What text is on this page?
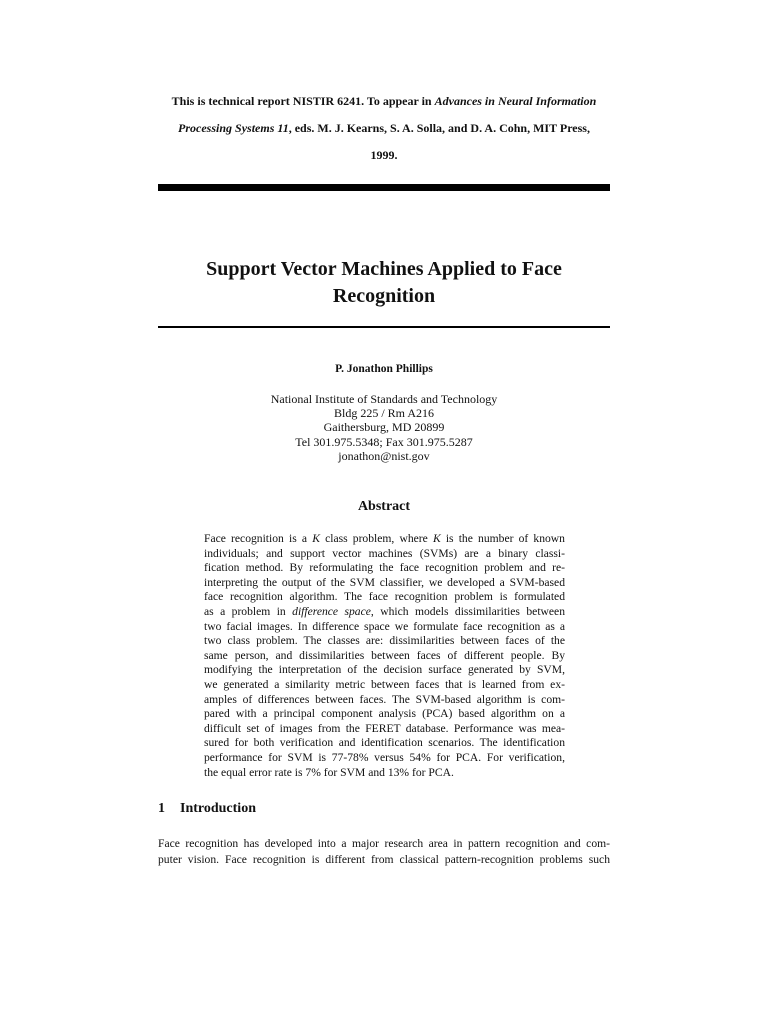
This is technical report NISTIR 6241. To appear in Advances in Neural Information
Processing Systems 11, eds. M. J. Kearns, S. A. Solla, and D. A. Cohn, MIT Press,
1999.
Support Vector Machines Applied to Face
Recognition
P. Jonathon Phillips
National Institute of Standards and Technology
Bldg 225 / Rm A216
Gaithersburg, MD 20899
Tel 301.975.5348; Fax 301.975.5287
jonathon@nist.gov
Abstract
Face recognition is a K class problem, where K is the number of known
individuals; and support vector machines (SVMs) are a binary classi-
fication method. By reformulating the face recognition problem and re-
interpreting the output of the SVM classifier, we developed a SVM-based
face recognition algorithm. The face recognition problem is formulated
as a problem in difference space, which models dissimilarities between
two facial images. In difference space we formulate face recognition as a
two class problem. The classes are: dissimilarities between faces of the
same person, and dissimilarities between faces of different people. By
modifying the interpretation of the decision surface generated by SVM,
we generated a similarity metric between faces that is learned from ex-
amples of differences between faces. The SVM-based algorithm is com-
pared with a principal component analysis (PCA) based algorithm on a
difficult set of images from the FERET database. Performance was mea-
sured for both verification and identification scenarios. The identification
performance for SVM is 77-78% versus 54% for PCA. For verification,
the equal error rate is 7% for SVM and 13% for PCA.
1 Introduction
Face recognition has developed into a major research area in pattern recognition and com-
puter vision. Face recognition is different from classical pattern-recognition problems such
